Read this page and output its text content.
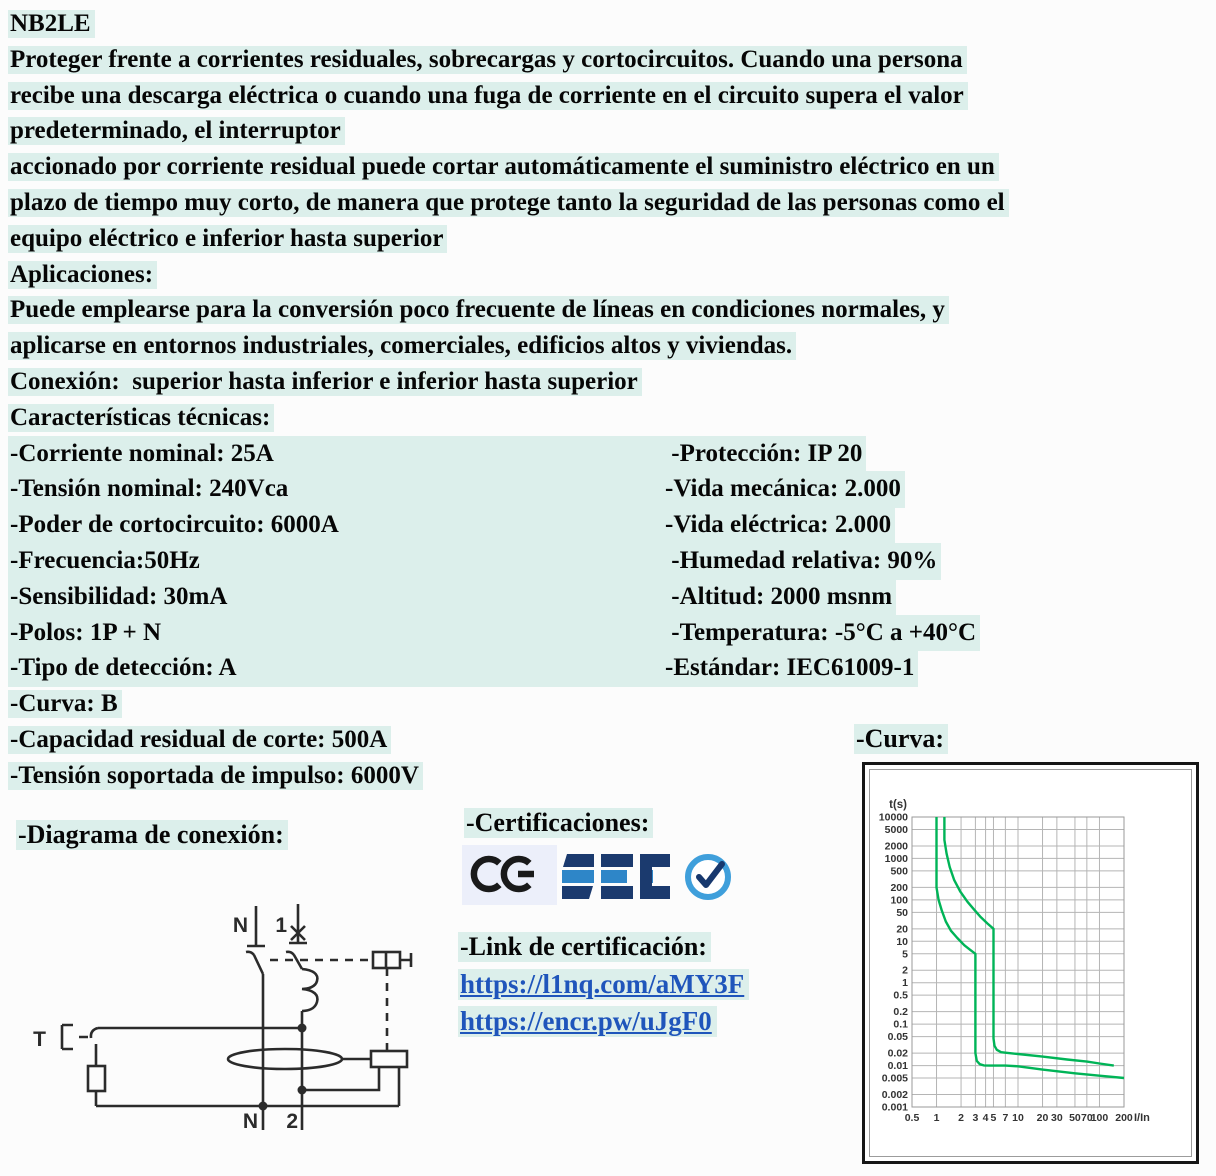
NB2LE
Proteger frente a corrientes residuales, sobrecargas y cortocircuitos. Cuando una persona
recibe una descarga eléctrica o cuando una fuga de corriente en el circuito supera el valor
predeterminado, el interruptor
accionado por corriente residual puede cortar automáticamente el suministro eléctrico en un
plazo de tiempo muy corto, de manera que protege tanto la seguridad de las personas como el
equipo eléctrico e inferior hasta superior
Aplicaciones:
Puede emplearse para la conversión poco frecuente de líneas en condiciones normales, y
aplicarse en entornos industriales, comerciales, edificios altos y viviendas.
Conexión:  superior hasta inferior e inferior hasta superior
Características técnicas:
-Corriente nominal: 25A	-Protección: IP 20
-Tensión nominal: 240Vca	-Vida mecánica: 2.000
-Poder de cortocircuito: 6000A	-Vida eléctrica: 2.000
-Frecuencia:50Hz	-Humedad relativa: 90%
-Sensibilidad: 30mA	-Altitud: 2000 msnm
-Polos: 1P + N	-Temperatura: -5°C a +40°C
-Tipo de detección: A	-Estándar: IEC61009-1
-Curva: B
-Capacidad residual de corte: 500A
-Tensión soportada de impulso: 6000V
-Curva:
10000
5000
2000
1000
500
200
100
50
20
10
5
2
1
0.5
0.2
0.1
0.05
0.02
0.01
0.005
0.002
0.001
0.5 1 2 3 4 5 7 10 20 30 50 70
100 200
t(s)
I/In
-Diagrama de conexión:
N 1
T
N 2
-Certificaciones:
-Link de certificación:
https://l1nq.com/aMY3F
https://encr.pw/uJgF0
